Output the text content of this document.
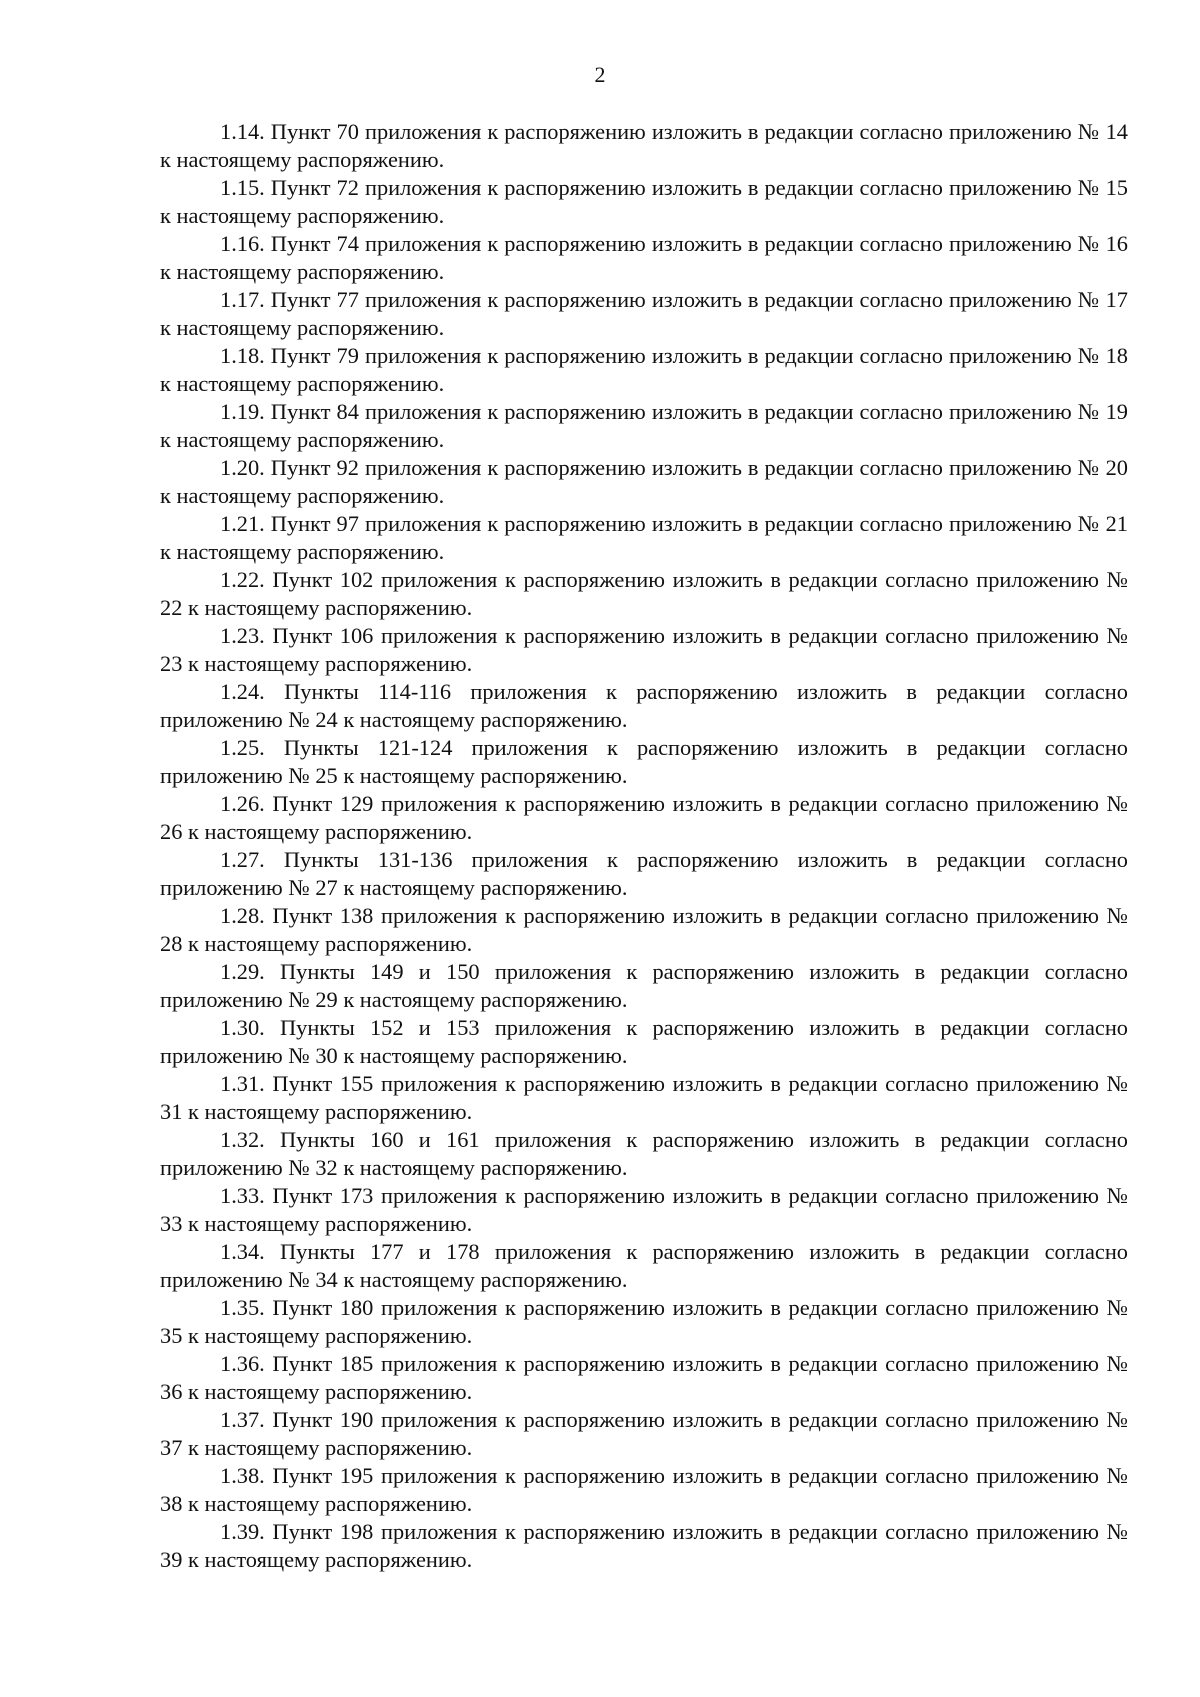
2

1.14. Пункт 70 приложения к распоряжению изложить в редакции согласно приложению № 14 к настоящему распоряжению.

1.15. Пункт 72 приложения к распоряжению изложить в редакции согласно приложению № 15 к настоящему распоряжению.

1.16. Пункт 74 приложения к распоряжению изложить в редакции согласно приложению № 16 к настоящему распоряжению.

1.17. Пункт 77 приложения к распоряжению изложить в редакции согласно приложению № 17 к настоящему распоряжению.

1.18. Пункт 79 приложения к распоряжению изложить в редакции согласно приложению № 18 к настоящему распоряжению.

1.19. Пункт 84 приложения к распоряжению изложить в редакции согласно приложению № 19 к настоящему распоряжению.

1.20. Пункт 92 приложения к распоряжению изложить в редакции согласно приложению № 20 к настоящему распоряжению.

1.21. Пункт 97 приложения к распоряжению изложить в редакции согласно приложению № 21 к настоящему распоряжению.

1.22. Пункт 102 приложения к распоряжению изложить в редакции согласно приложению № 22 к настоящему распоряжению.

1.23. Пункт 106 приложения к распоряжению изложить в редакции согласно приложению № 23 к настоящему распоряжению.

1.24. Пункты 114-116 приложения к распоряжению изложить в редакции согласно приложению № 24 к настоящему распоряжению.

1.25. Пункты 121-124 приложения к распоряжению изложить в редакции согласно приложению № 25 к настоящему распоряжению.

1.26. Пункт 129 приложения к распоряжению изложить в редакции согласно приложению № 26 к настоящему распоряжению.

1.27. Пункты 131-136 приложения к распоряжению изложить в редакции согласно приложению № 27 к настоящему распоряжению.

1.28. Пункт 138 приложения к распоряжению изложить в редакции согласно приложению № 28 к настоящему распоряжению.

1.29. Пункты 149 и 150 приложения к распоряжению изложить в редакции согласно приложению № 29 к настоящему распоряжению.

1.30. Пункты 152 и 153 приложения к распоряжению изложить в редакции согласно приложению № 30 к настоящему распоряжению.

1.31. Пункт 155 приложения к распоряжению изложить в редакции согласно приложению № 31 к настоящему распоряжению.

1.32. Пункты 160 и 161 приложения к распоряжению изложить в редакции согласно приложению № 32 к настоящему распоряжению.

1.33. Пункт 173 приложения к распоряжению изложить в редакции согласно приложению № 33 к настоящему распоряжению.

1.34. Пункты 177 и 178 приложения к распоряжению изложить в редакции согласно приложению № 34 к настоящему распоряжению.

1.35. Пункт 180 приложения к распоряжению изложить в редакции согласно приложению № 35 к настоящему распоряжению.

1.36. Пункт 185 приложения к распоряжению изложить в редакции согласно приложению № 36 к настоящему распоряжению.

1.37. Пункт 190 приложения к распоряжению изложить в редакции согласно приложению № 37 к настоящему распоряжению.

1.38. Пункт 195 приложения к распоряжению изложить в редакции согласно приложению № 38 к настоящему распоряжению.

1.39. Пункт 198 приложения к распоряжению изложить в редакции согласно приложению № 39 к настоящему распоряжению.
